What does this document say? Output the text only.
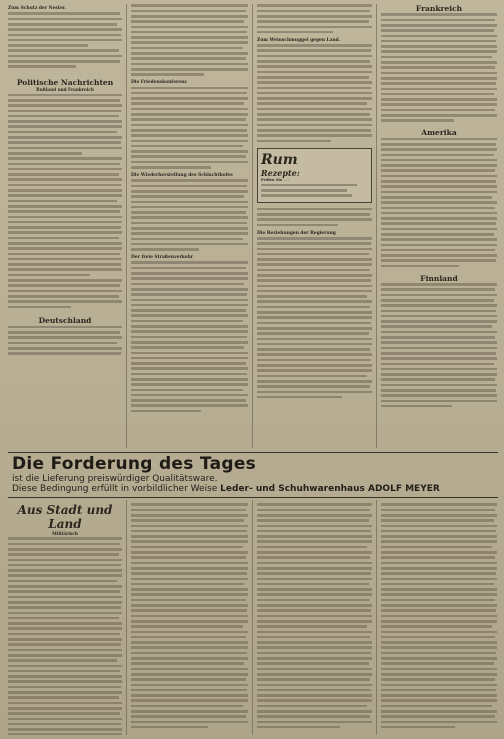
Zum Schutz der Nester.
Politische Nachrichten
Rußland und Frankreich
Deutschland
Die Friedenskonferenz
Die Wiederherstellung des Schlachthofes
Der freie Straßenverkehr
Zum Weinschmuggel gegen Land.
Rum
Rezepte:
Prüfen Sie . . .
Die Beziehungen der Regierung
Frankreich
Amerika
Finnland
Die Forderung des Tages
ist die Lieferung preiswürdiger Qualitätsware.
Diese Bedingung erfüllt in vorbildlicher Weise Leder- und Schuhwarenhaus ADOLF MEYER
Aus Stadt und Land
Militärisch
